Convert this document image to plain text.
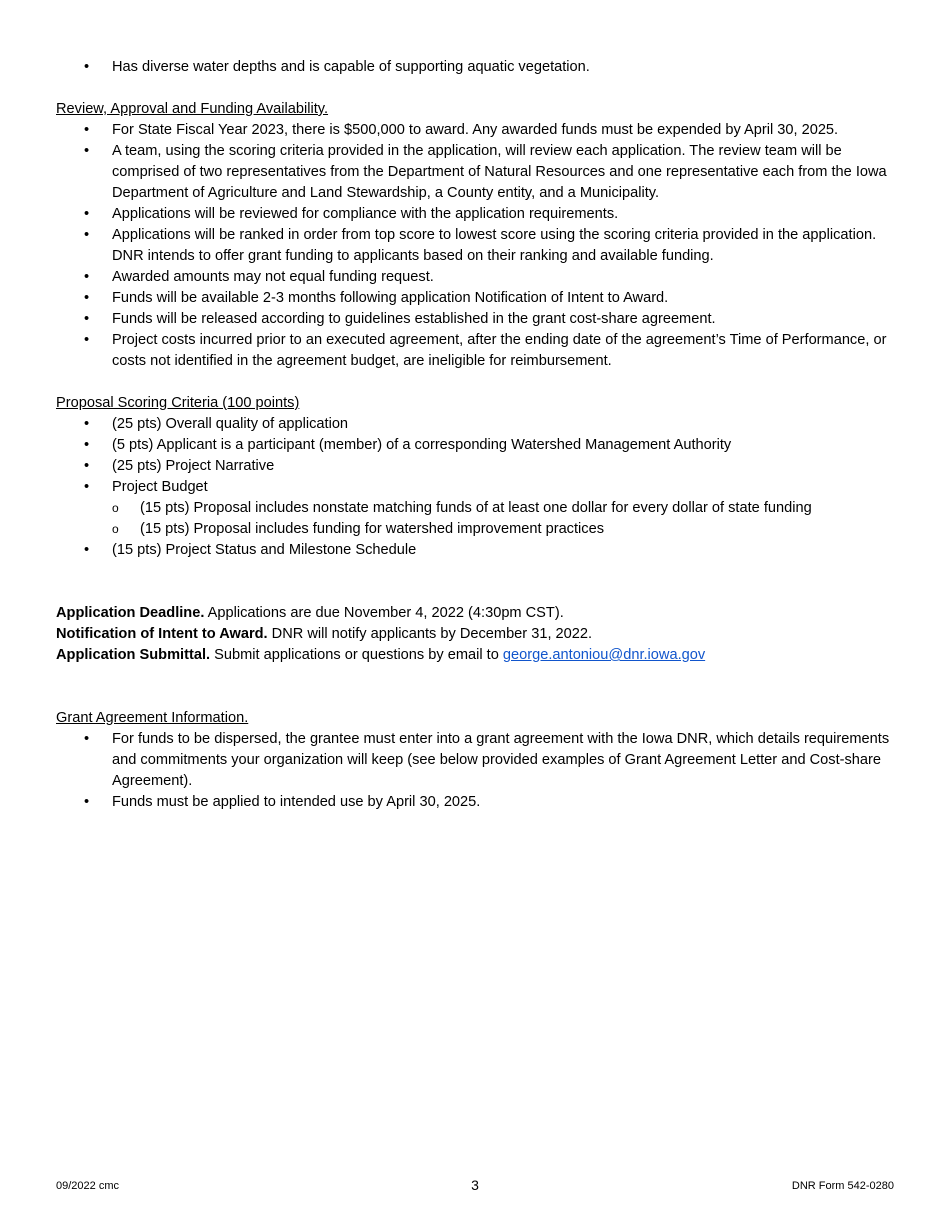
• Has diverse water depths and is capable of supporting aquatic vegetation.

Review, Approval and Funding Availability.

• For State Fiscal Year 2023, there is $500,000 to award. Any awarded funds must be expended by April 30, 2025.
• A team, using the scoring criteria provided in the application, will review each application. The review team will be comprised of two representatives from the Department of Natural Resources and one representative each from the Iowa Department of Agriculture and Land Stewardship, a County entity, and a Municipality.
• Applications will be reviewed for compliance with the application requirements.
• Applications will be ranked in order from top score to lowest score using the scoring criteria provided in the application. DNR intends to offer grant funding to applicants based on their ranking and available funding.
• Awarded amounts may not equal funding request.
• Funds will be available 2-3 months following application Notification of Intent to Award.
• Funds will be released according to guidelines established in the grant cost-share agreement.
• Project costs incurred prior to an executed agreement, after the ending date of the agreement’s Time of Performance, or costs not identified in the agreement budget, are ineligible for reimbursement.

Proposal Scoring Criteria (100 points)

• (25 pts) Overall quality of application
• (5 pts) Applicant is a participant (member) of a corresponding Watershed Management Authority
• (25 pts) Project Narrative
• Project Budget
o (15 pts) Proposal includes nonstate matching funds of at least one dollar for every dollar of state funding
o (15 pts) Proposal includes funding for watershed improvement practices
• (15 pts) Project Status and Milestone Schedule

Application Deadline. Applications are due November 4, 2022 (4:30pm CST).

Notification of Intent to Award. DNR will notify applicants by December 31, 2022.

Application Submittal. Submit applications or questions by email to george.antoniou@dnr.iowa.gov

Grant Agreement Information.

• For funds to be dispersed, the grantee must enter into a grant agreement with the Iowa DNR, which details requirements and commitments your organization will keep (see below provided examples of Grant Agreement Letter and Cost-share Agreement).
• Funds must be applied to intended use by April 30, 2025.
09/2022 cmc	3	DNR Form 542-0280
